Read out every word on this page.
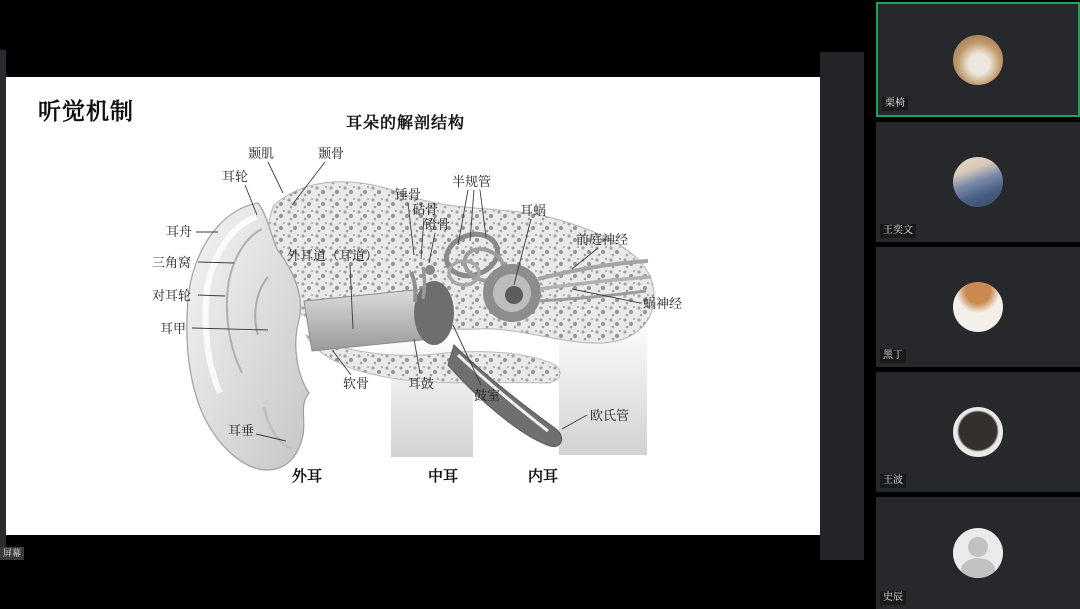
听觉机制	耳朵的解剖结构
颞肌	颞骨
耳轮
耳舟
三角窝
对耳轮
耳甲
外耳道（耳道）
软骨	耳鼓
鼓室
锤骨
砧骨
镫骨
半规管
耳蜗
前庭神经
蜗神经
欧氏管
耳垂
外耳	中耳	内耳
屏幕
栗椅
王奕文
黑丁
王波
史辰
